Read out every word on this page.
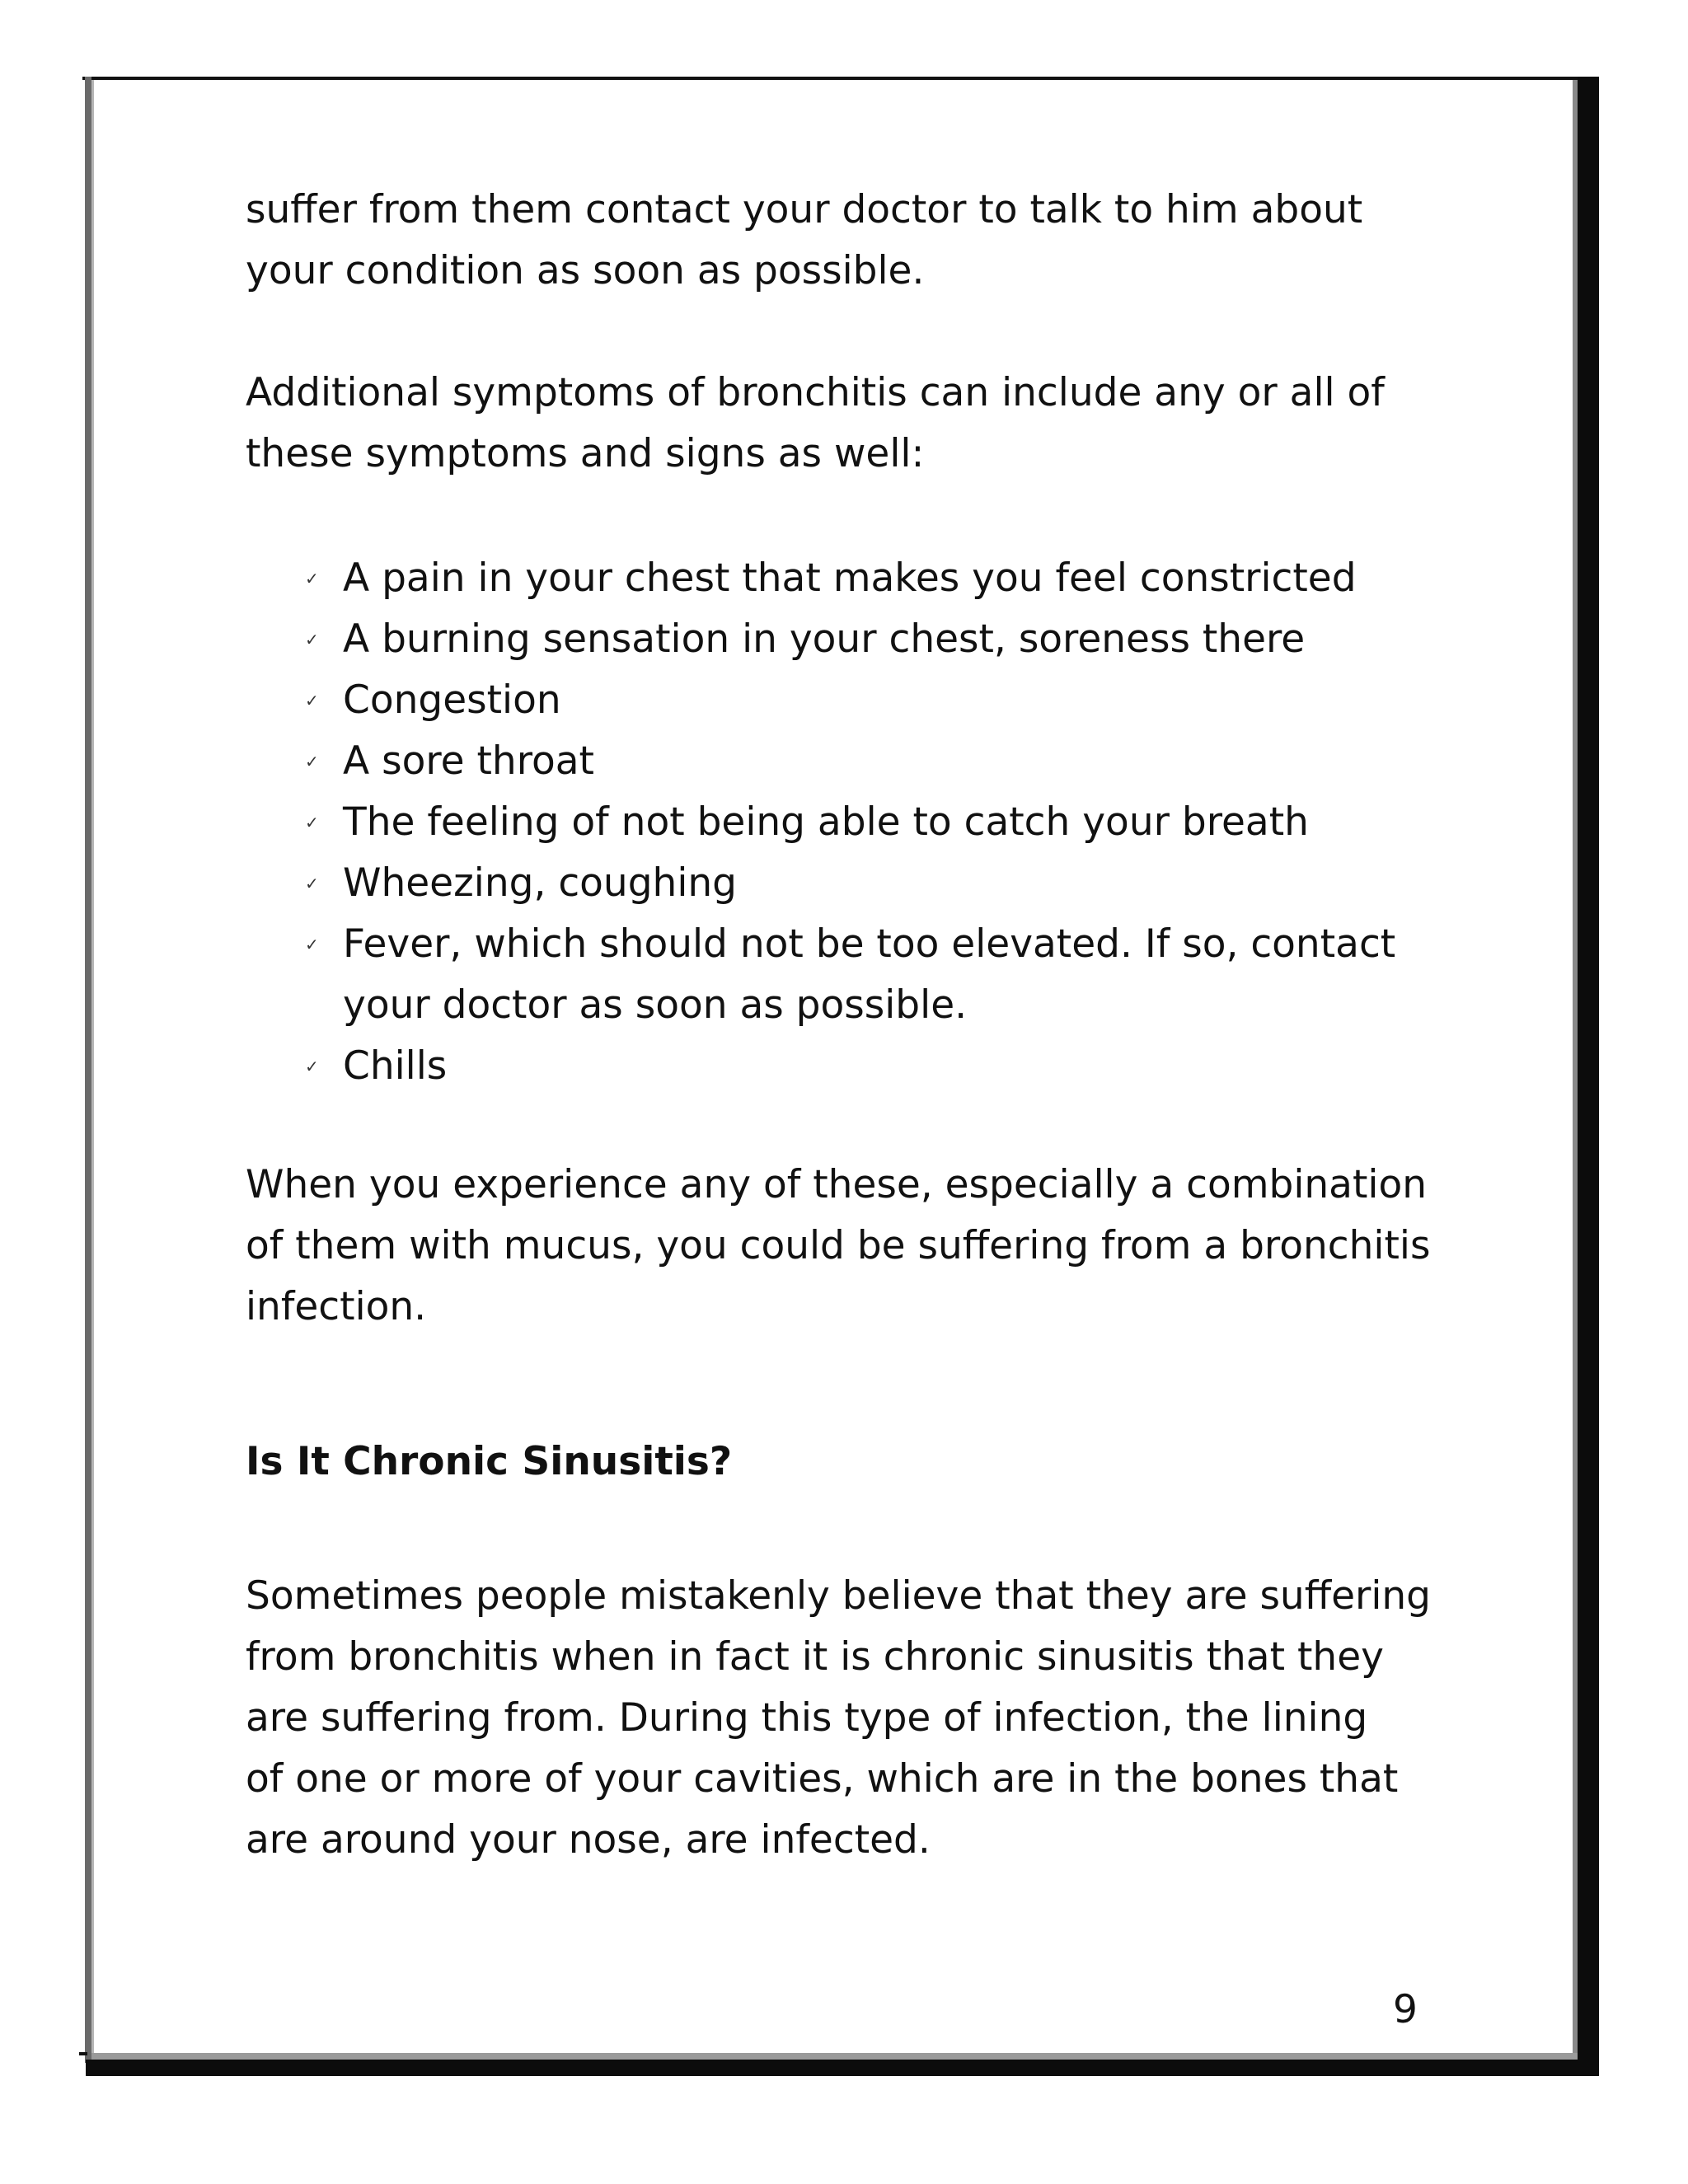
suffer from them contact your doctor to talk to him about
your condition as soon as possible.

Additional symptoms of bronchitis can include any or all of
these symptoms and signs as well:

✓ A pain in your chest that makes you feel constricted
✓ A burning sensation in your chest, soreness there
✓ Congestion
✓ A sore throat
✓ The feeling of not being able to catch your breath
✓ Wheezing, coughing
✓ Fever, which should not be too elevated. If so, contact
your doctor as soon as possible.
✓ Chills

When you experience any of these, especially a combination
of them with mucus, you could be suffering from a bronchitis
infection.

Is It Chronic Sinusitis?

Sometimes people mistakenly believe that they are suffering
from bronchitis when in fact it is chronic sinusitis that they
are suffering from. During this type of infection, the lining
of one or more of your cavities, which are in the bones that
are around your nose, are infected.

9
